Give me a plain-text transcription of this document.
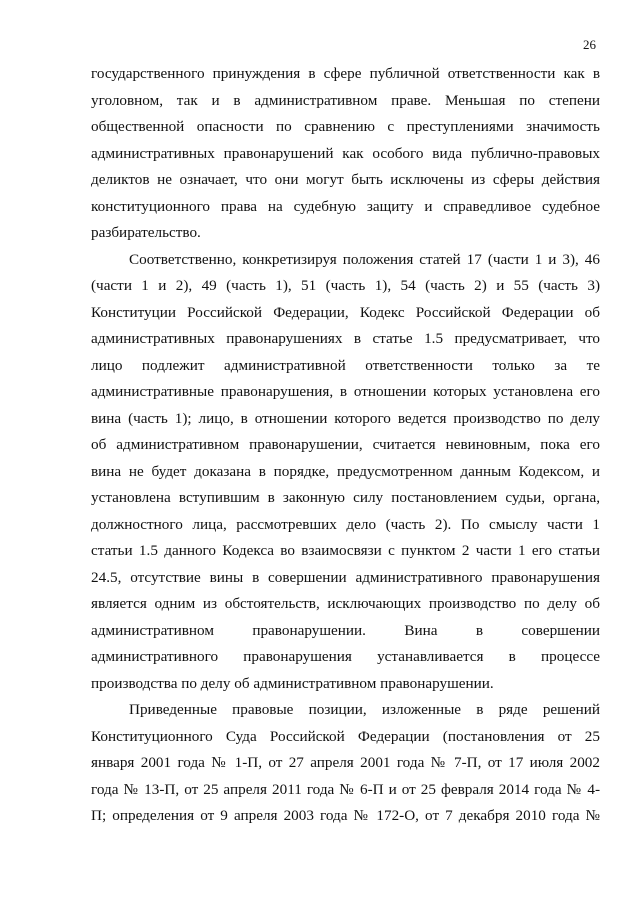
26
государственного принуждения в сфере публичной ответственности как в
уголовном, так и в административном праве. Меньшая по степени
общественной опасности по сравнению с преступлениями значимость
административных правонарушений как особого вида публично-правовых
деликтов не означает, что они могут быть исключены из сферы действия
конституционного права на судебную защиту и справедливое судебное
разбирательство.
Соответственно, конкретизируя положения статей 17 (части 1 и 3), 46
(части 1 и 2), 49 (часть 1), 51 (часть 1), 54 (часть 2) и 55 (часть 3)
Конституции Российской Федерации, Кодекс Российской Федерации об
административных правонарушениях в статье 1.5 предусматривает, что
лицо подлежит административной ответственности только за те
административные правонарушения, в отношении которых установлена его
вина (часть 1); лицо, в отношении которого ведется производство по делу
об административном правонарушении, считается невиновным, пока его
вина не будет доказана в порядке, предусмотренном данным Кодексом, и
установлена вступившим в законную силу постановлением судьи, органа,
должностного лица, рассмотревших дело (часть 2). По смыслу части 1
статьи 1.5 данного Кодекса во взаимосвязи с пунктом 2 части 1 его статьи
24.5, отсутствие вины в совершении административного правонарушения
является одним из обстоятельств, исключающих производство по делу об
административном правонарушении. Вина в совершении
административного правонарушения устанавливается в процессе
производства по делу об административном правонарушении.
Приведенные правовые позиции, изложенные в ряде решений
Конституционного Суда Российской Федерации (постановления от 25
января 2001 года № 1-П, от 27 апреля 2001 года № 7-П, от 17 июля 2002
года № 13-П, от 25 апреля 2011 года № 6-П и от 25 февраля 2014 года № 4-
П; определения от 9 апреля 2003 года № 172-О, от 7 декабря 2010 года №
